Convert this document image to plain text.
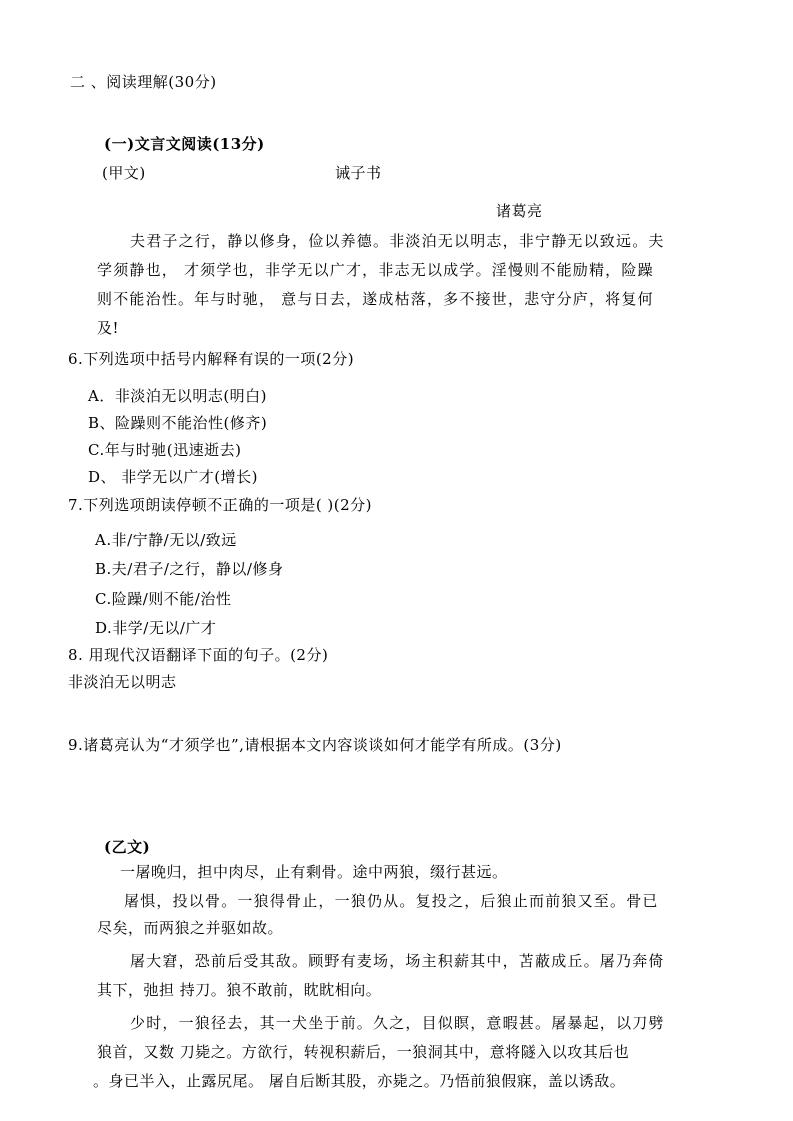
二 、阅读理解(30分)
(一)文言文阅读(13分)
(甲文)	诫子书
诸葛亮
夫君子之行，静以修身，俭以养德。非淡泊无以明志，非宁静无以致远。夫
学须静也， 才须学也，非学无以广才，非志无以成学。淫慢则不能励精，险躁
则不能治性。年与时驰， 意与日去，遂成枯落，多不接世，悲守分庐，将复何
及!
6.下列选项中括号内解释有误的一项(2分)
A．非淡泊无以明志(明白)
B、险躁则不能治性(修齐)
C.年与时驰(迅速逝去)
D、 非学无以广才(增长)
7.下列选项朗读停顿不正确的一项是( )(2分)
A.非/宁静/无以/致远
B.夫/君子/之行，静以/修身
C.险躁/则不能/治性
D.非学/无以/广才
8. 用现代汉语翻译下面的句子。(2分)
非淡泊无以明志
9.诸葛亮认为“才须学也”,请根据本文内容谈谈如何才能学有所成。(3分)
(乙文)
一屠晚归，担中肉尽，止有剩骨。途中两狼，缀行甚远。
屠惧，投以骨。一狼得骨止，一狼仍从。复投之，后狼止而前狼又至。骨已
尽矣，而两狼之并驱如故。
屠大窘，恐前后受其敌。顾野有麦场，场主积薪其中，苫蔽成丘。屠乃奔倚
其下，弛担 持刀。狼不敢前，眈眈相向。
少时，一狼径去，其一犬坐于前。久之，目似瞑，意暇甚。屠暴起，以刀劈
狼首，又数 刀毙之。方欲行，转视积薪后，一狼洞其中，意将隧入以攻其后也
。身已半入，止露尻尾。 屠自后断其股，亦毙之。乃悟前狼假寐，盖以诱敌。
